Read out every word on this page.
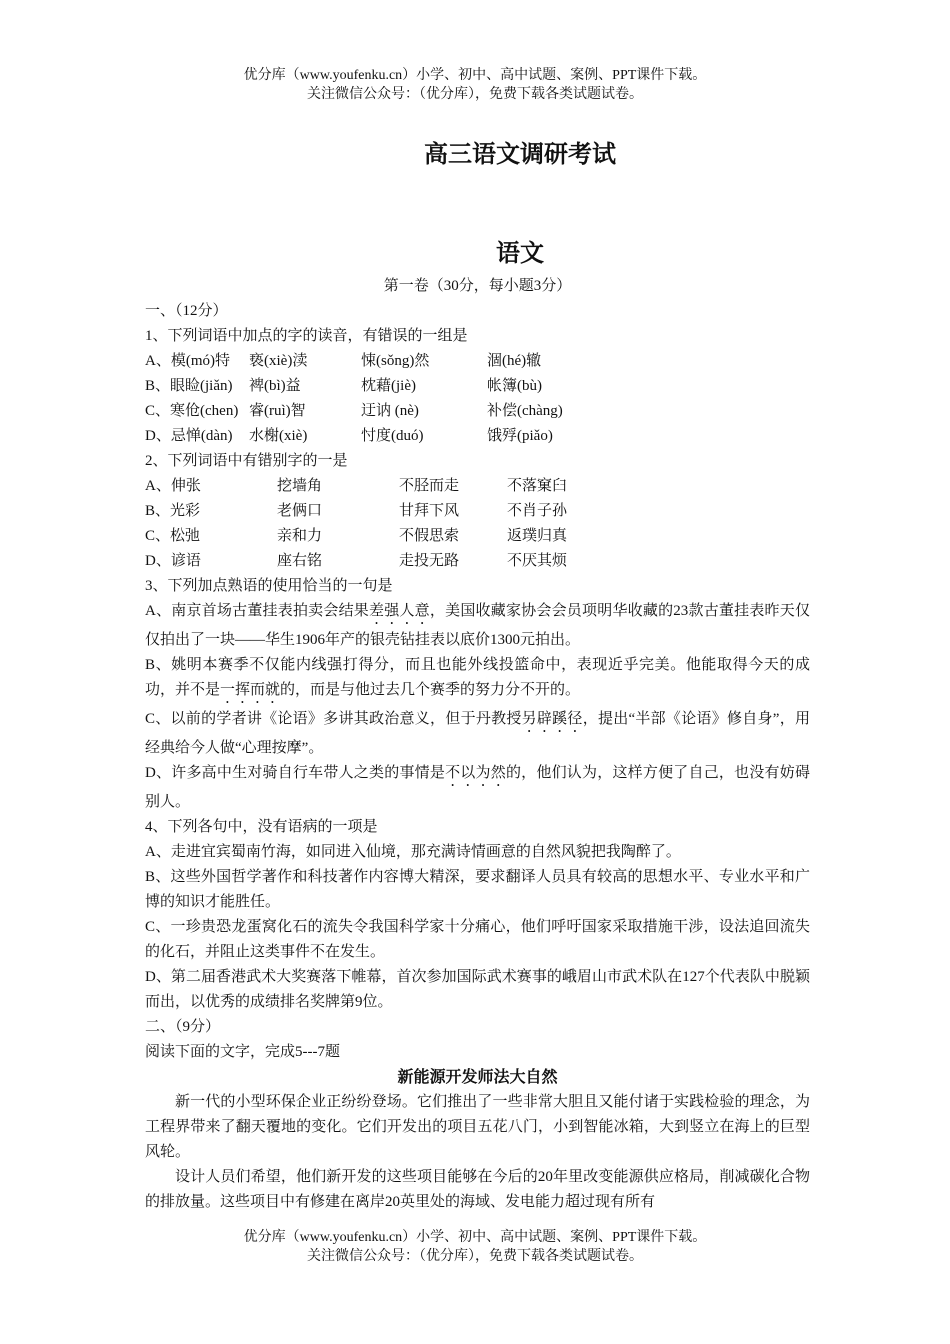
优分库（www.youfenku.cn）小学、初中、高中试题、案例、PPT课件下载。
关注微信公众号：（优分库），免费下载各类试题试卷。
高三语文调研考试
语文
第一卷（30分，每小题3分）
一、（12分）
1、下列词语中加点的字的读音，有错误的一组是
A、模(mó)特	亵(xiè)渎	悚(sǒng)然	涸(hé)辙
B、眼睑(jiǎn)	裨(bì)益	枕藉(jiè)	帐簿(bù)
C、寒伧(chen) 睿(ruì)智	迂讷 (nè)	补偿(chàng)
D、忌惮(dàn)	水榭(xiè)	忖度(duó)	饿殍(piǎo)
2、下列词语中有错别字的一是
A、伸张	挖墙角	不胫而走	不落窠臼
B、光彩	老俩口	甘拜下风	不肖子孙
C、松弛	亲和力	不假思索	返璞归真
D、谚语	座右铭	走投无路	不厌其烦
3、下列加点熟语的使用恰当的一句是
A、南京首场古董挂表拍卖会结果差强人意，美国收藏家协会会员项明华收藏的23款古董挂表昨天仅仅拍出了一块——华生1906年产的银壳钻挂表以底价1300元拍出。
B、姚明本赛季不仅能内线强打得分，而且也能外线投篮命中，表现近乎完美。他能取得今天的成功，并不是一挥而就的，而是与他过去几个赛季的努力分不开的。
C、以前的学者讲《论语》多讲其政治意义，但于丹教授另辟蹊径，提出“半部《论语》修自身”，用经典给今人做“心理按摩”。
D、许多高中生对骑自行车带人之类的事情是不以为然的，他们认为，这样方便了自己，也没有妨碍别人。
4、下列各句中，没有语病的一项是
A、走进宜宾蜀南竹海，如同进入仙境，那充满诗情画意的自然风貌把我陶醉了。
B、这些外国哲学著作和科技著作内容博大精深，要求翻译人员具有较高的思想水平、专业水平和广博的知识才能胜任。
C、一珍贵恐龙蛋窝化石的流失令我国科学家十分痛心，他们呼吁国家采取措施干涉，设法追回流失的化石，并阻止这类事件不在发生。
D、第二届香港武术大奖赛落下帷幕，首次参加国际武术赛事的峨眉山市武术队在127个代表队中脱颖而出，以优秀的成绩排名奖牌第9位。
二、（9分）
阅读下面的文字，完成5---7题
新能源开发师法大自然
新一代的小型环保企业正纷纷登场。它们推出了一些非常大胆且又能付诸于实践检验的理念，为工程界带来了翻天覆地的变化。它们开发出的项目五花八门，小到智能冰箱，大到竖立在海上的巨型风轮。
设计人员们希望，他们新开发的这些项目能够在今后的20年里改变能源供应格局，削减碳化合物的排放量。这些项目中有修建在离岸20英里处的海域、发电能力超过现有所有
优分库（www.youfenku.cn）小学、初中、高中试题、案例、PPT课件下载。
关注微信公众号：（优分库），免费下载各类试题试卷。
